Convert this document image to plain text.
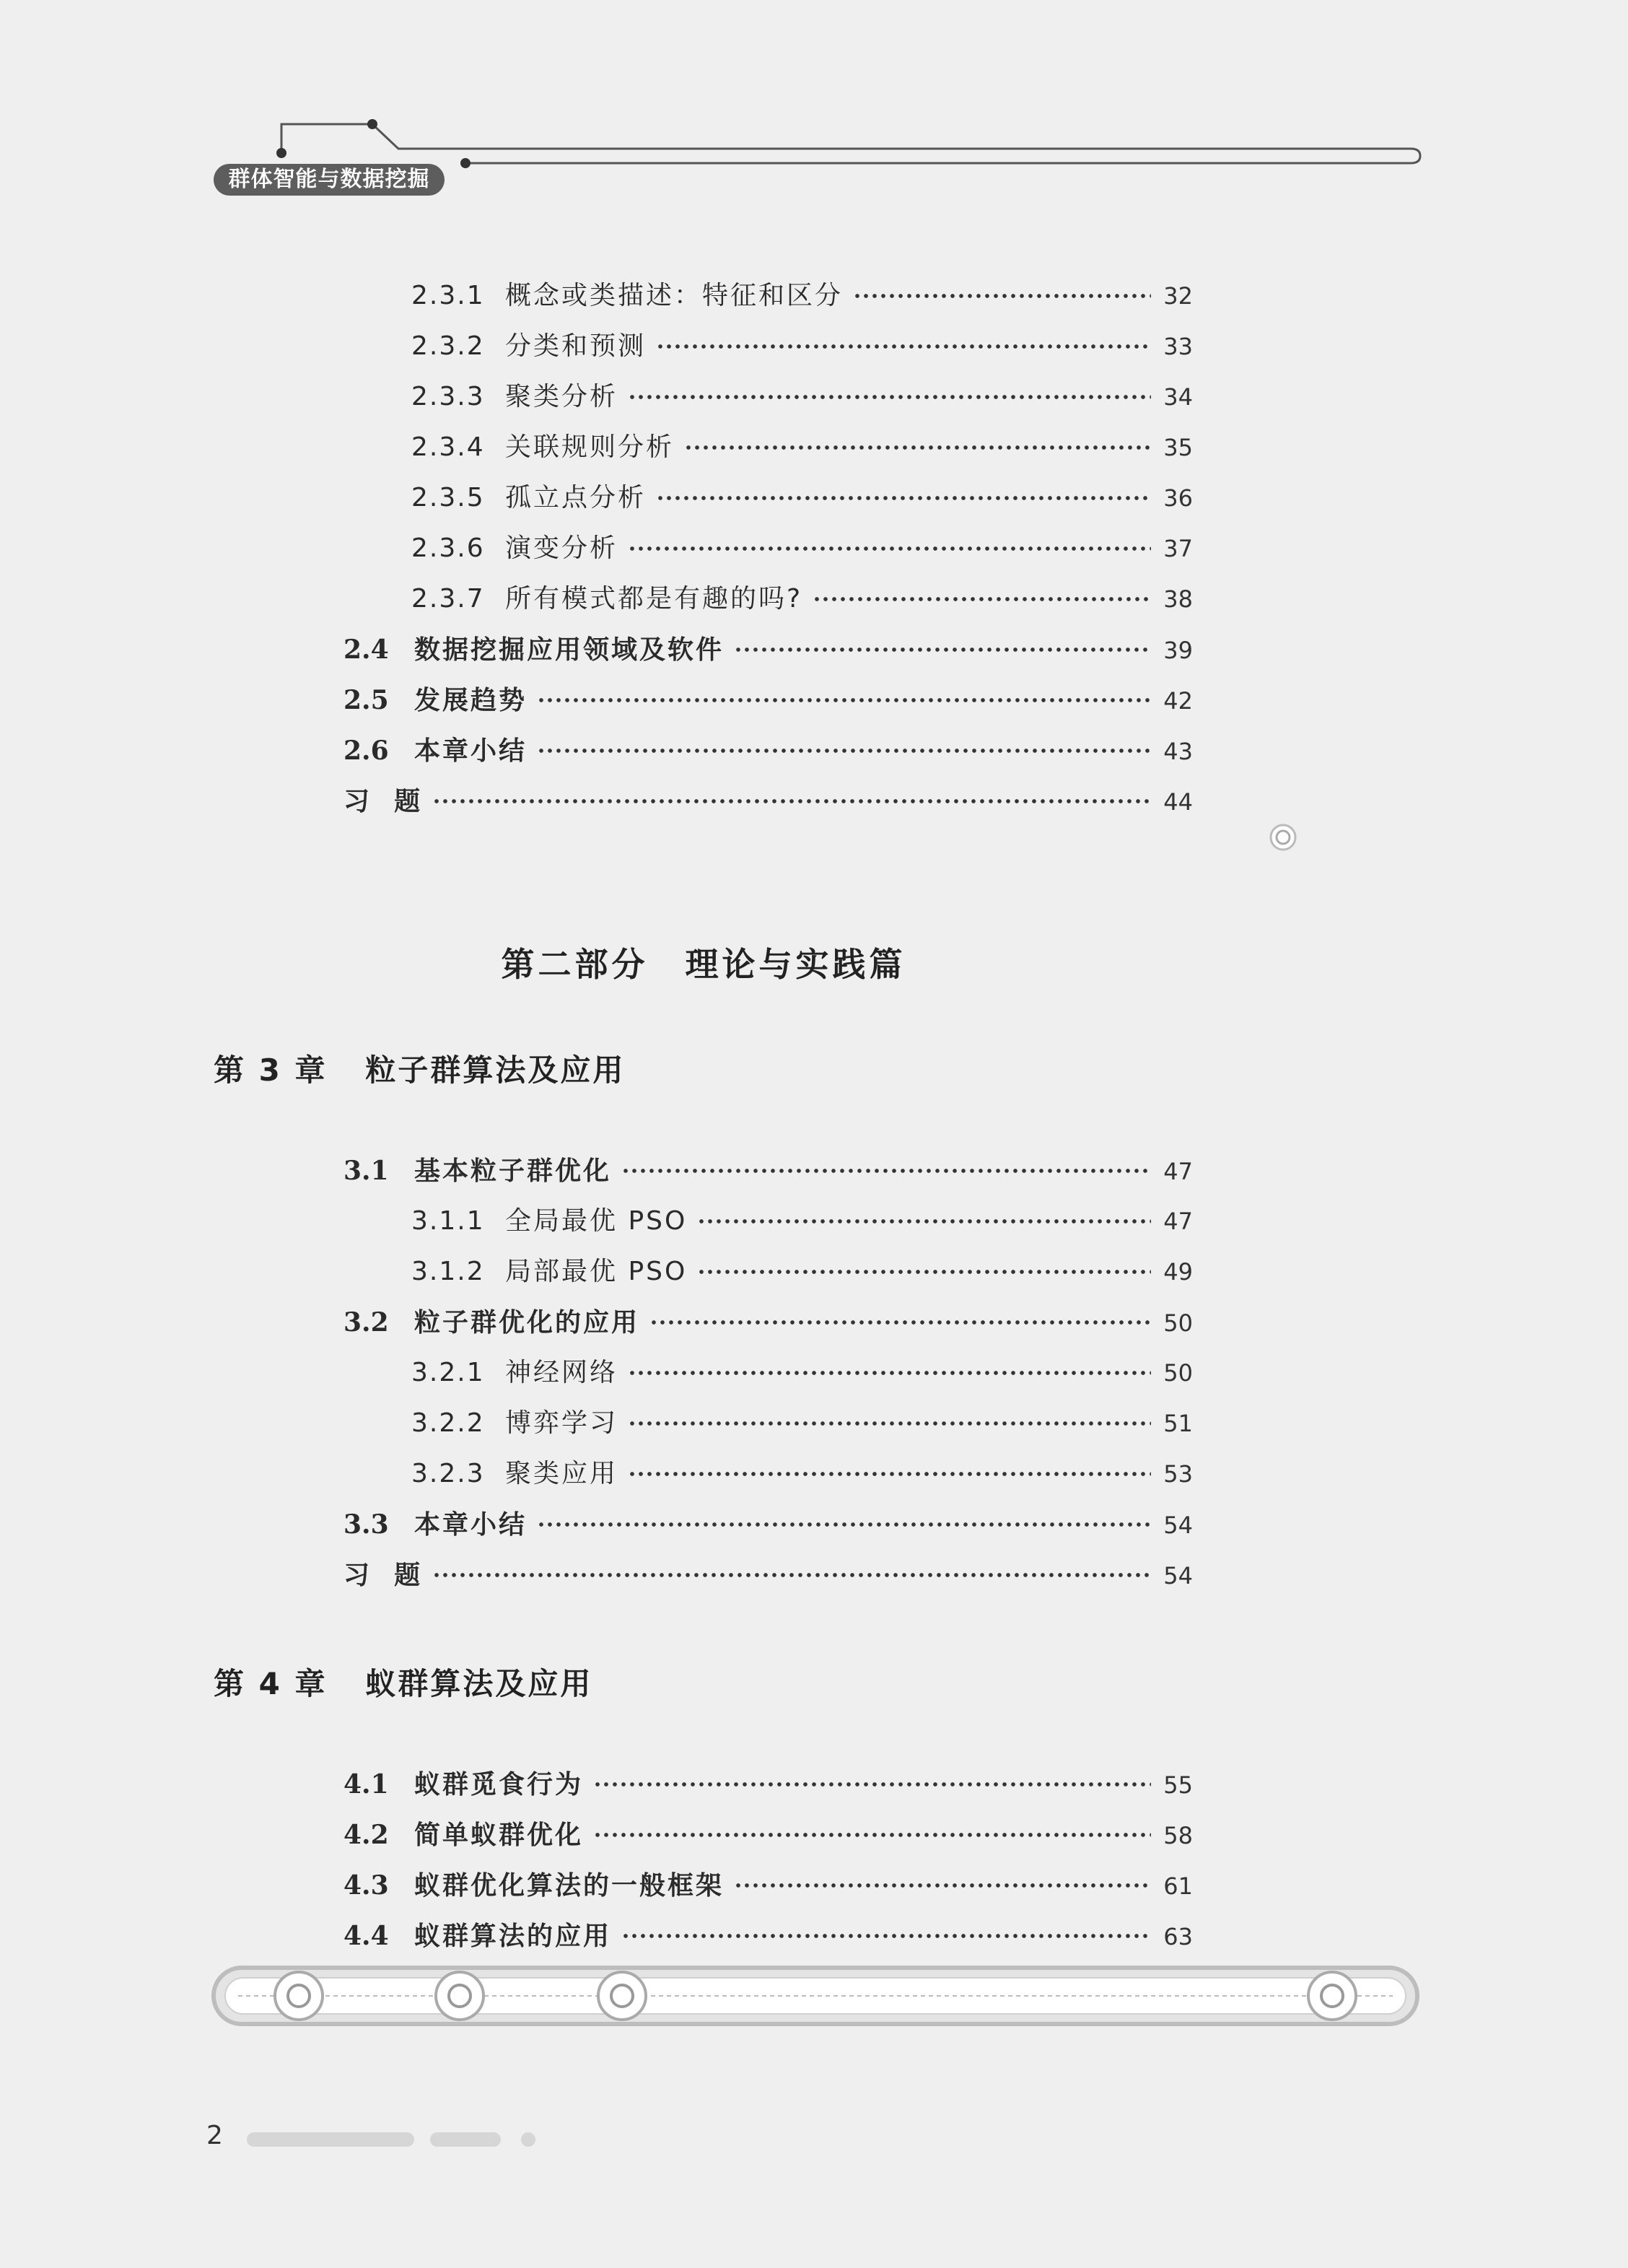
群体智能与数据挖掘
2.3.1 概念或类描述：特征和区分	32
2.3.2 分类和预测	33
2.3.3 聚类分析	34
2.3.4 关联规则分析	35
2.3.5 孤立点分析	36
2.3.6 演变分析	37
2.3.7 所有模式都是有趣的吗?	38
2.4 数据挖掘应用领域及软件	39
2.5 发展趋势	42
2.6 本章小结	43
习  题	44
第二部分 理论与实践篇
第 3 章   粒子群算法及应用
3.1 基本粒子群优化	47
3.1.1 全局最优 PSO	47
3.1.2 局部最优 PSO	49
3.2 粒子群优化的应用	50
3.2.1 神经网络	50
3.2.2 博弈学习	51
3.2.3 聚类应用	53
3.3 本章小结	54
习  题	54
第 4 章   蚁群算法及应用
4.1 蚁群觅食行为	55
4.2 简单蚁群优化	58
4.3 蚁群优化算法的一般框架	61
4.4 蚁群算法的应用	63
2
